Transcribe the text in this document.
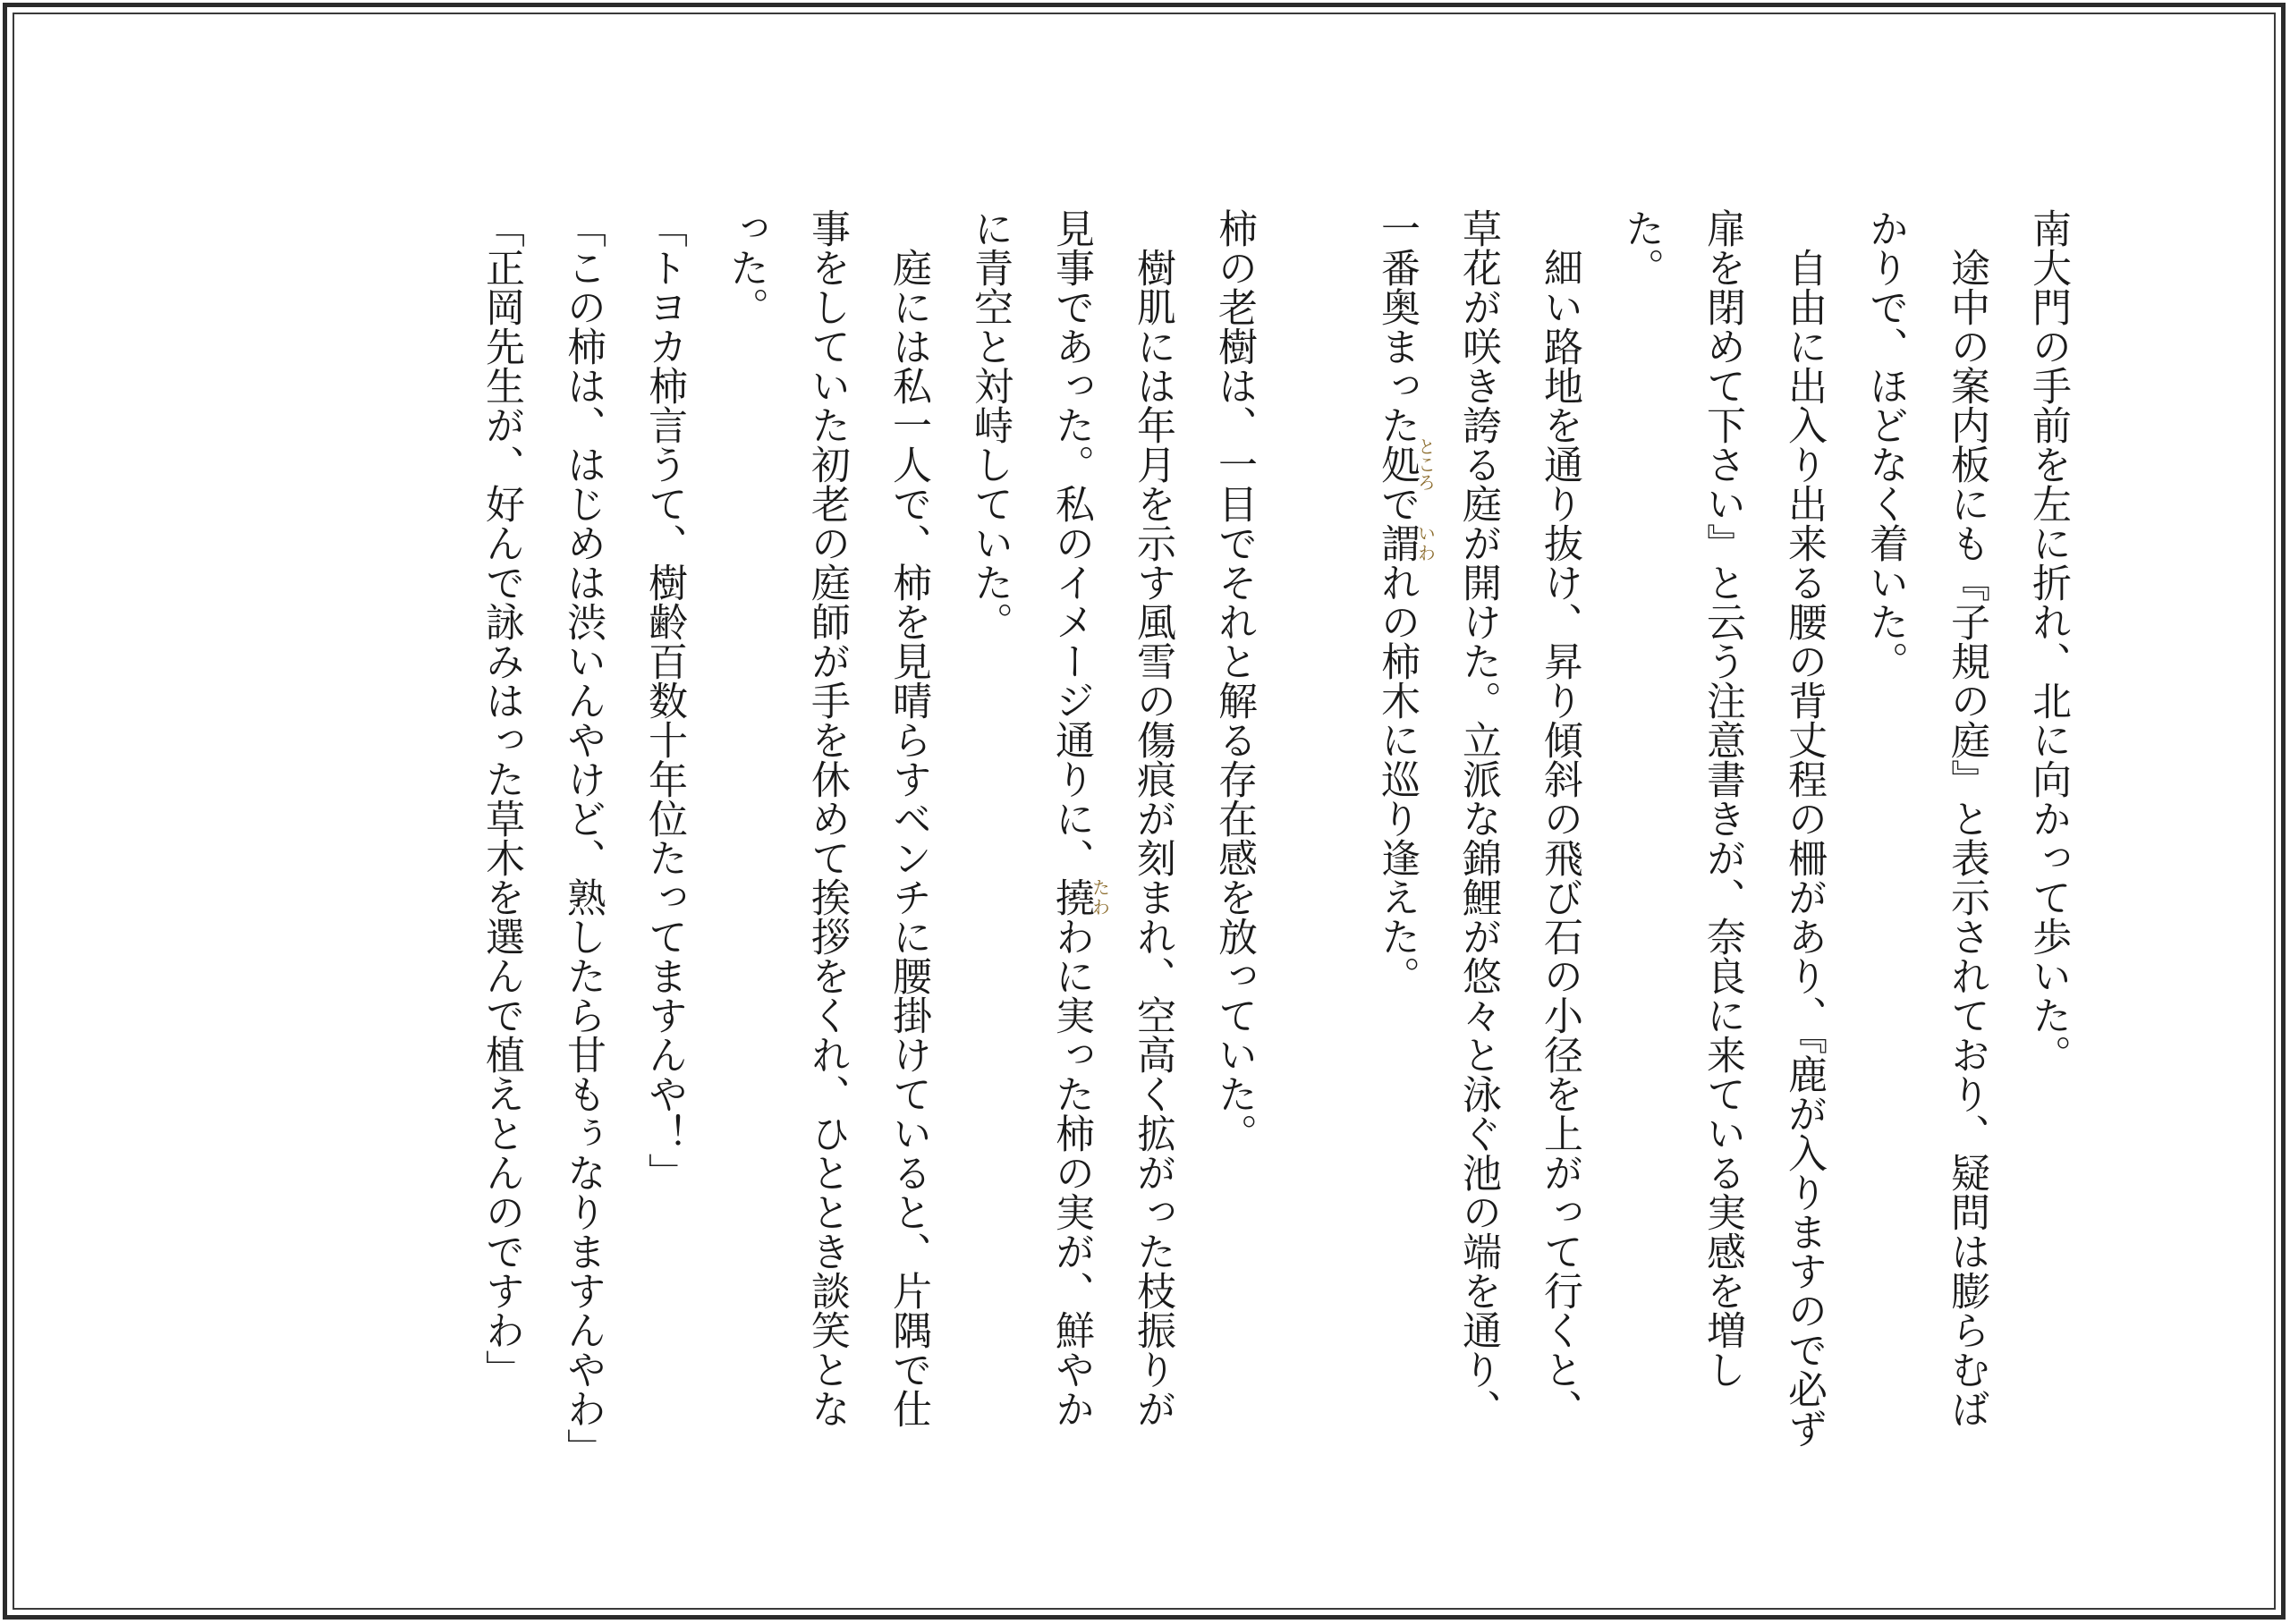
南大門の手前を左に折れ、北に向かって歩いた。

途中の案内板にも『子規の庭』と表示されており、疑問は膨らむばかりで、ほどなく着いた。

自由に出入り出来る腰の背丈程の柵があり、『鹿が入りますので必ず扉を閉めて下さい』と云う注意書きが、奈良に来ている実感を増した。

細い路地を通り抜け、昇り傾斜の飛び石の小径を上がって行くと、草花が咲き誇る庭が開けた。立派な錦鯉が悠々と泳ぐ池の端を通り、一番奥まった処ところで謂いわれの柿木に巡り逢えた。

柿の老樹は、一目でそれと解る存在感を放っていた。

樹肌には年月を示す風雪の傷痕が刻まれ、空高く拡がった枝振りが見事であった。私のイメージ通りに、撓たわわに実った柿の実が、鮮やかに青空と対峙していた。

庭には私一人で、柿を見晴らすベンチに腰掛けていると、片隅で仕事をしていた初老の庭師が手を休めて挨拶をくれ、ひととき談笑となった。

「トヨカ柿言うて、樹齢百数十年位たってますんや！」

「この柿は、はじめは渋いんやけど、熟したら甘もぅなりますんやわ」

「正岡先生が、好んで詠みはった草木を選んで植えとんのですわ」
